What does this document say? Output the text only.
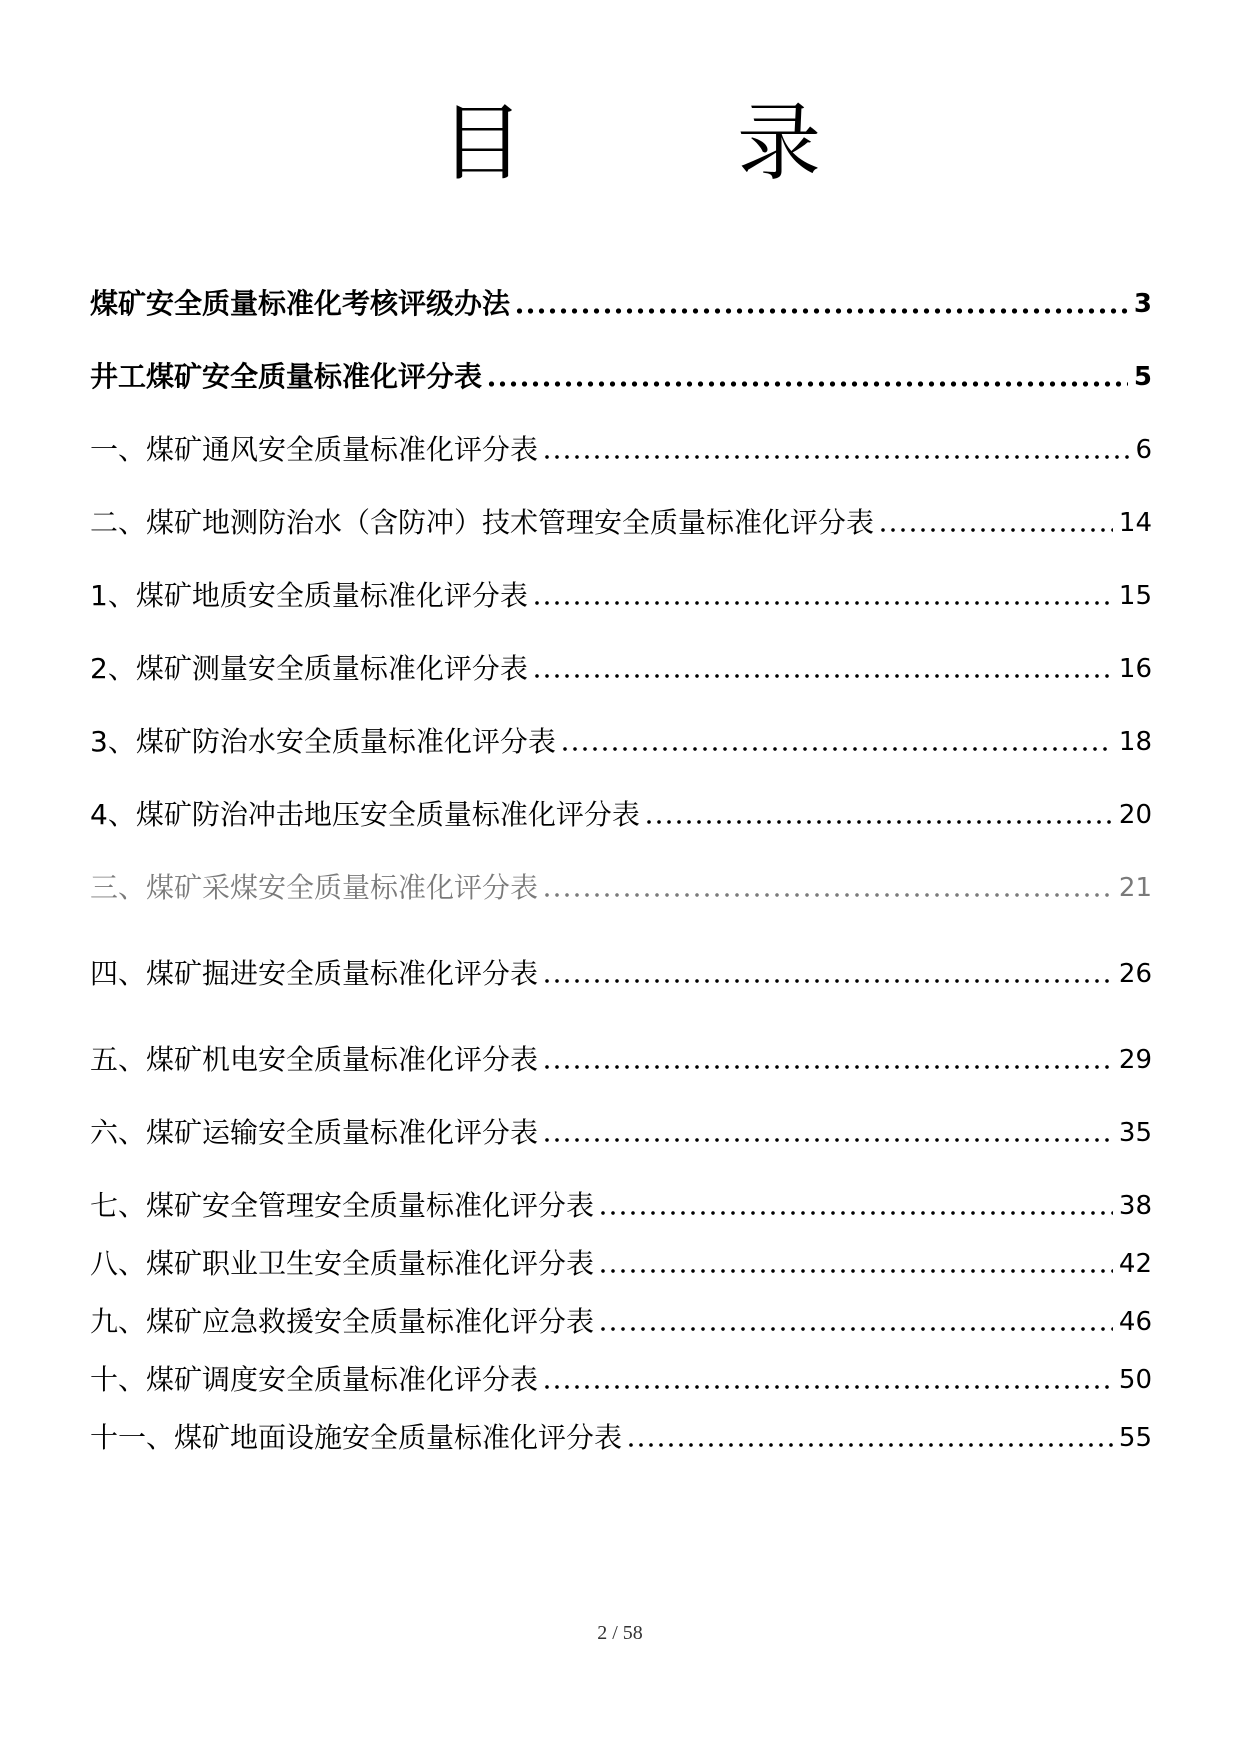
目	录
煤矿安全质量标准化考核评级办法	3
井工煤矿安全质量标准化评分表	5
一、煤矿通风安全质量标准化评分表	6
二、煤矿地测防治水（含防冲）技术管理安全质量标准化评分表	14
1、煤矿地质安全质量标准化评分表	15
2、煤矿测量安全质量标准化评分表	16
3、煤矿防治水安全质量标准化评分表	18
4、煤矿防治冲击地压安全质量标准化评分表	20
三、煤矿采煤安全质量标准化评分表	21
四、煤矿掘进安全质量标准化评分表	26
五、煤矿机电安全质量标准化评分表	29
六、煤矿运输安全质量标准化评分表	35
七、煤矿安全管理安全质量标准化评分表	38
八、煤矿职业卫生安全质量标准化评分表	42
九、煤矿应急救援安全质量标准化评分表	46
十、煤矿调度安全质量标准化评分表	50
十一、煤矿地面设施安全质量标准化评分表	55
2 / 58
